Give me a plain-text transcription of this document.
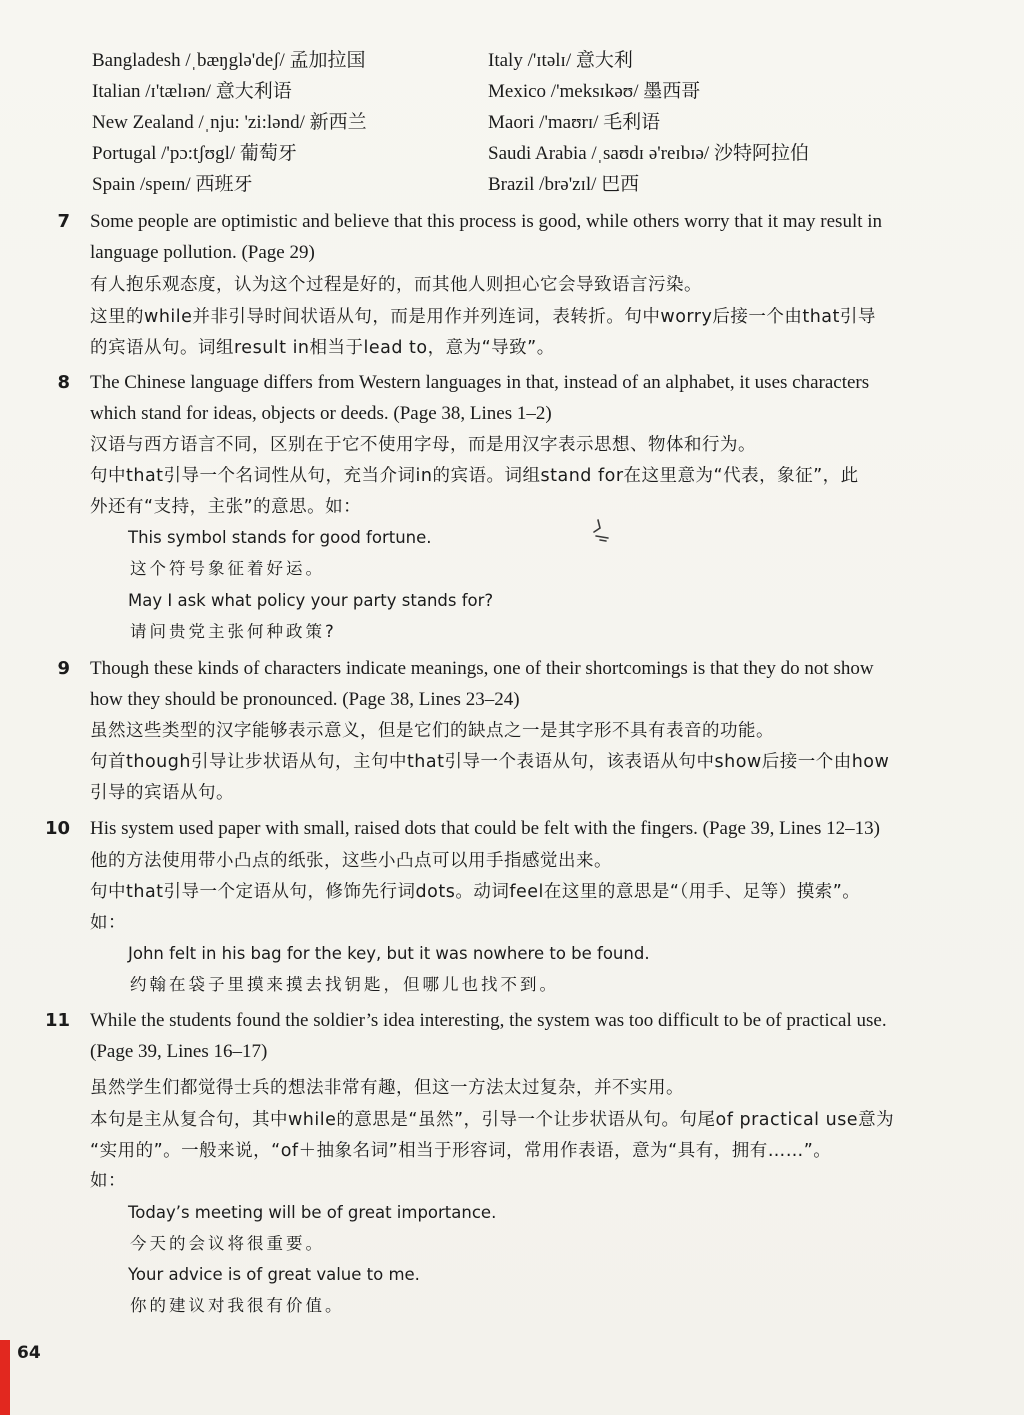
Bangladesh /ˌbæŋglə'deʃ/ 孟加拉国	Italy /'ɪtəlɪ/ 意大利
Italian /ɪ'tælɪən/ 意大利语	Mexico /'meksɪkəʊ/ 墨西哥
New Zealand /ˌnju: 'zi:lənd/ 新西兰	Maori /'maʊrɪ/ 毛利语
Portugal /'pɔ:tʃʊgl/ 葡萄牙	Saudi Arabia /ˌsaʊdɪ ə'reɪbɪə/ 沙特阿拉伯
Spain /speɪn/ 西班牙	Brazil /brə'zɪl/ 巴西
7 Some people are optimistic and believe that this process is good, while others worry that it may result in
language pollution. (Page 29)
有人抱乐观态度，认为这个过程是好的，而其他人则担心它会导致语言污染。
这里的while并非引导时间状语从句，而是用作并列连词，表转折。句中worry后接一个由that引导
的宾语从句。词组result in相当于lead to，意为“导致”。
8 The Chinese language differs from Western languages in that, instead of an alphabet, it uses characters
which stand for ideas, objects or deeds. (Page 38, Lines 1–2)
汉语与西方语言不同，区别在于它不使用字母，而是用汉字表示思想、物体和行为。
句中that引导一个名词性从句，充当介词in的宾语。词组stand for在这里意为“代表，象征”，此
外还有“支持，主张”的意思。如：
This symbol stands for good fortune.
这个符号象征着好运。
May I ask what policy your party stands for?
请问贵党主张何种政策?
9 Though these kinds of characters indicate meanings, one of their shortcomings is that they do not show
how they should be pronounced. (Page 38, Lines 23–24)
虽然这些类型的汉字能够表示意义，但是它们的缺点之一是其字形不具有表音的功能。
句首though引导让步状语从句，主句中that引导一个表语从句，该表语从句中show后接一个由how
引导的宾语从句。
10 His system used paper with small, raised dots that could be felt with the fingers. (Page 39, Lines 12–13)
他的方法使用带小凸点的纸张，这些小凸点可以用手指感觉出来。
句中that引导一个定语从句，修饰先行词dots。动词feel在这里的意思是“（用手、足等）摸索”。
如：
John felt in his bag for the key, but it was nowhere to be found.
约翰在袋子里摸来摸去找钥匙，但哪儿也找不到。
11 While the students found the soldier’s idea interesting, the system was too difficult to be of practical use.
(Page 39, Lines 16–17)
虽然学生们都觉得士兵的想法非常有趣，但这一方法太过复杂，并不实用。
本句是主从复合句，其中while的意思是“虽然”，引导一个让步状语从句。句尾of practical use意为
“实用的”。一般来说，“of＋抽象名词”相当于形容词，常用作表语，意为“具有，拥有……”。
如：
Today’s meeting will be of great importance.
今天的会议将很重要。
Your advice is of great value to me.
你的建议对我很有价值。
64
